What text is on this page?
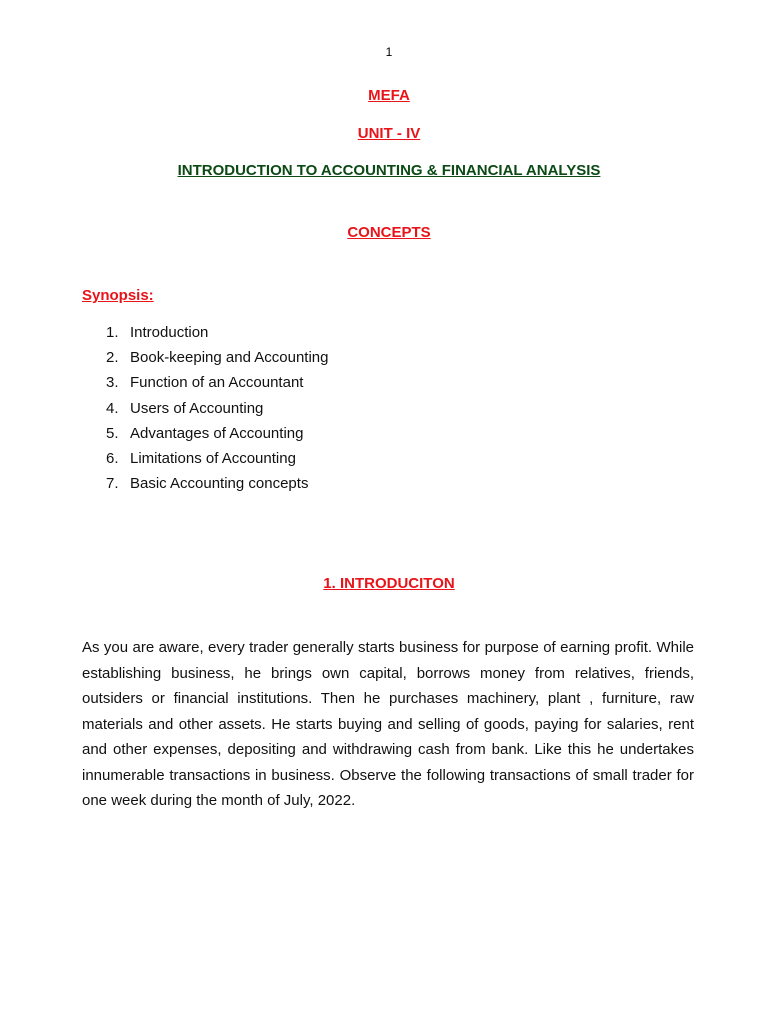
1
MEFA
UNIT - IV
INTRODUCTION TO ACCOUNTING & FINANCIAL ANALYSIS
CONCEPTS
Synopsis:
1. Introduction
2. Book-keeping and Accounting
3. Function of an Accountant
4. Users of Accounting
5. Advantages of Accounting
6. Limitations of Accounting
7. Basic Accounting concepts
1. INTRODUCITON

As you are aware, every trader generally starts business for purpose of earning profit. While establishing business, he brings own capital, borrows money from relatives, friends, outsiders or financial institutions. Then he purchases machinery, plant , furniture, raw materials and other assets. He starts buying and selling of goods, paying for salaries, rent and other expenses, depositing and withdrawing cash from bank. Like this he undertakes innumerable transactions in business. Observe the following transactions of small trader for one week during the month of July, 2022.
